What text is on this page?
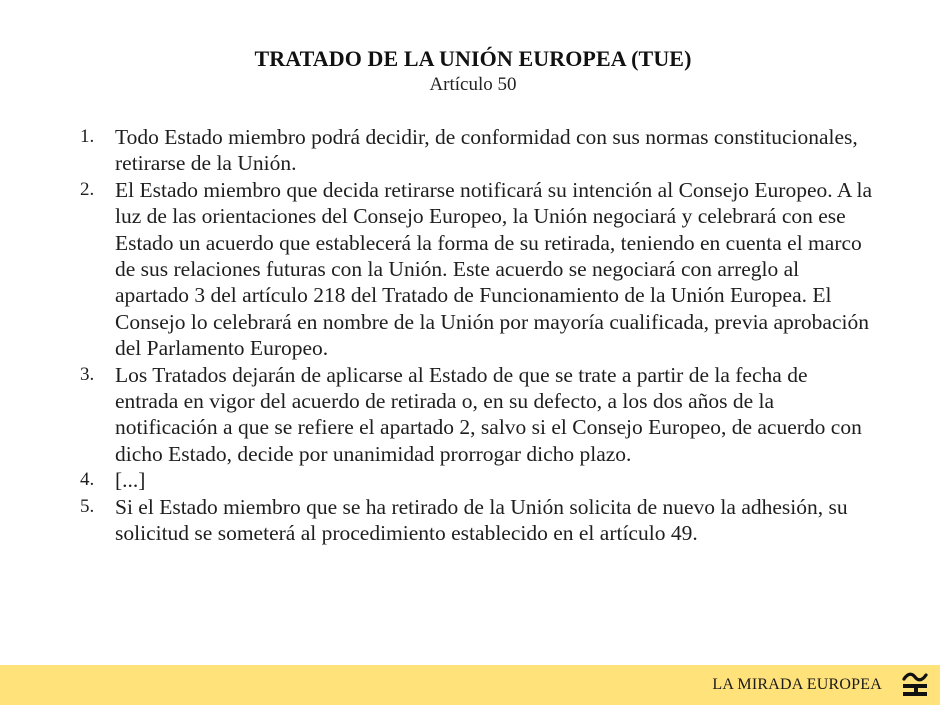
TRATADO DE LA UNIÓN EUROPEA (TUE)
Artículo 50
1. Todo Estado miembro podrá decidir, de conformidad con sus normas constitucionales, retirarse de la Unión.
2. El Estado miembro que decida retirarse notificará su intención al Consejo Europeo. A la luz de las orientaciones del Consejo Europeo, la Unión negociará y celebrará con ese Estado un acuerdo que establecerá la forma de su retirada, teniendo en cuenta el marco de sus relaciones futuras con la Unión. Este acuerdo se negociará con arreglo al apartado 3 del artículo 218 del Tratado de Funcionamiento de la Unión Europea. El Consejo lo celebrará en nombre de la Unión por mayoría cualificada, previa aprobación del Parlamento Europeo.
3. Los Tratados dejarán de aplicarse al Estado de que se trate a partir de la fecha de entrada en vigor del acuerdo de retirada o, en su defecto, a los dos años de la notificación a que se refiere el apartado 2, salvo si el Consejo Europeo, de acuerdo con dicho Estado, decide por unanimidad prorrogar dicho plazo.
4. [...]
5. Si el Estado miembro que se ha retirado de la Unión solicita de nuevo la adhesión, su solicitud se someterá al procedimiento establecido en el artículo 49.
LA MIRADA EUROPEA
